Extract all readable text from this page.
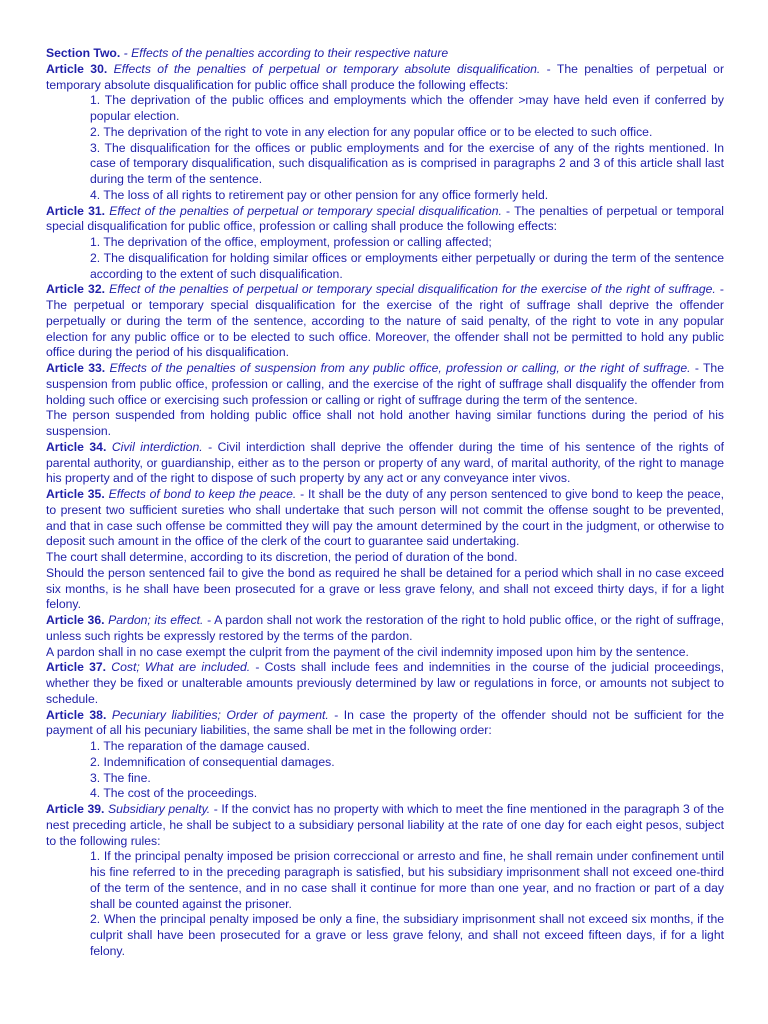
Section Two. - Effects of the penalties according to their respective nature

Article 30. Effects of the penalties of perpetual or temporary absolute disqualification. - The penalties of perpetual or temporary absolute disqualification for public office shall produce the following effects:

1. The deprivation of the public offices and employments which the offender >may have held even if conferred by popular election.

2. The deprivation of the right to vote in any election for any popular office or to be elected to such office.

3. The disqualification for the offices or public employments and for the exercise of any of the rights mentioned. In case of temporary disqualification, such disqualification as is comprised in paragraphs 2 and 3 of this article shall last during the term of the sentence.

4. The loss of all rights to retirement pay or other pension for any office formerly held.

Article 31. Effect of the penalties of perpetual or temporary special disqualification. - The penalties of perpetual or temporal special disqualification for public office, profession or calling shall produce the following effects:

1. The deprivation of the office, employment, profession or calling affected;

2. The disqualification for holding similar offices or employments either perpetually or during the term of the sentence according to the extent of such disqualification.

Article 32. Effect of the penalties of perpetual or temporary special disqualification for the exercise of the right of suffrage. - The perpetual or temporary special disqualification for the exercise of the right of suffrage shall deprive the offender perpetually or during the term of the sentence, according to the nature of said penalty, of the right to vote in any popular election for any public office or to be elected to such office. Moreover, the offender shall not be permitted to hold any public office during the period of his disqualification.

Article 33. Effects of the penalties of suspension from any public office, profession or calling, or the right of suffrage. - The suspension from public office, profession or calling, and the exercise of the right of suffrage shall disqualify the offender from holding such office or exercising such profession or calling or right of suffrage during the term of the sentence.

The person suspended from holding public office shall not hold another having similar functions during the period of his suspension.

Article 34. Civil interdiction. - Civil interdiction shall deprive the offender during the time of his sentence of the rights of parental authority, or guardianship, either as to the person or property of any ward, of marital authority, of the right to manage his property and of the right to dispose of such property by any act or any conveyance inter vivos.

Article 35. Effects of bond to keep the peace. - It shall be the duty of any person sentenced to give bond to keep the peace, to present two sufficient sureties who shall undertake that such person will not commit the offense sought to be prevented, and that in case such offense be committed they will pay the amount determined by the court in the judgment, or otherwise to deposit such amount in the office of the clerk of the court to guarantee said undertaking.

The court shall determine, according to its discretion, the period of duration of the bond.

Should the person sentenced fail to give the bond as required he shall be detained for a period which shall in no case exceed six months, is he shall have been prosecuted for a grave or less grave felony, and shall not exceed thirty days, if for a light felony.

Article 36. Pardon; its effect. - A pardon shall not work the restoration of the right to hold public office, or the right of suffrage, unless such rights be expressly restored by the terms of the pardon.

A pardon shall in no case exempt the culprit from the payment of the civil indemnity imposed upon him by the sentence.

Article 37. Cost; What are included. - Costs shall include fees and indemnities in the course of the judicial proceedings, whether they be fixed or unalterable amounts previously determined by law or regulations in force, or amounts not subject to schedule.

Article 38. Pecuniary liabilities; Order of payment. - In case the property of the offender should not be sufficient for the payment of all his pecuniary liabilities, the same shall be met in the following order:

1. The reparation of the damage caused.

2. Indemnification of consequential damages.

3. The fine.

4. The cost of the proceedings.

Article 39. Subsidiary penalty. - If the convict has no property with which to meet the fine mentioned in the paragraph 3 of the nest preceding article, he shall be subject to a subsidiary personal liability at the rate of one day for each eight pesos, subject to the following rules:

1. If the principal penalty imposed be prision correccional or arresto and fine, he shall remain under confinement until his fine referred to in the preceding paragraph is satisfied, but his subsidiary imprisonment shall not exceed one-third of the term of the sentence, and in no case shall it continue for more than one year, and no fraction or part of a day shall be counted against the prisoner.

2. When the principal penalty imposed be only a fine, the subsidiary imprisonment shall not exceed six months, if the culprit shall have been prosecuted for a grave or less grave felony, and shall not exceed fifteen days, if for a light felony.
